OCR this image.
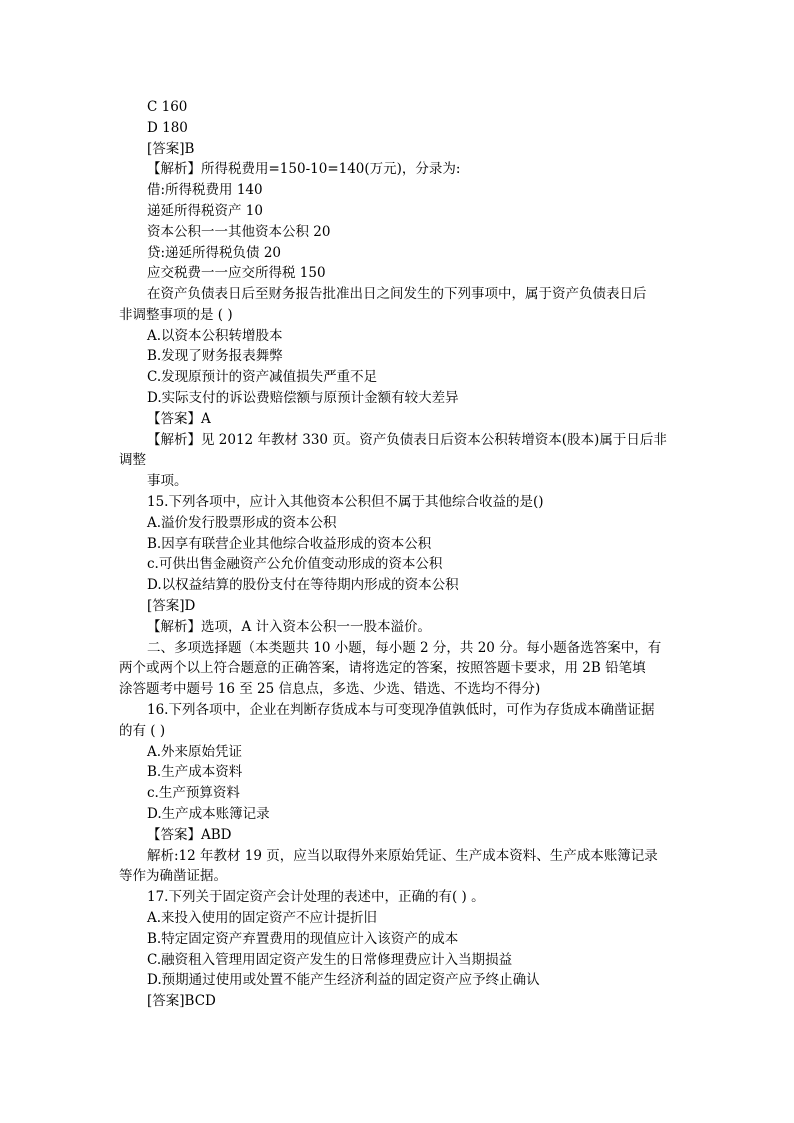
C 160
D 180
[答案]B
【解析】所得税费用=150-10=140(万元)，分录为:
借:所得税费用 140
递延所得税资产 10
资本公积一一其他资本公积 20
贷:递延所得税负债 20
应交税费一一应交所得税 150
在资产负债表日后至财务报告批准出日之间发生的下列事项中，属于资产负债表日后
非调整事项的是 ( )
A.以资本公积转增股本
B.发现了财务报表舞弊
C.发现原预计的资产减值损失严重不足
D.实际支付的诉讼费赔偿额与原预计金额有较大差异
【答案】A
【解析】见 2012 年教材 330 页。资产负债表日后资本公积转增资本(股本)属于日后非
调整
事项。
15.下列各项中，应计入其他资本公积但不属于其他综合收益的是()
A.溢价发行股票形成的资本公积
B.因享有联营企业其他综合收益形成的资本公积
c.可供出售金融资产公允价值变动形成的资本公积
D.以权益结算的股份支付在等待期内形成的资本公积
[答案]D
【解析】选项，A 计入资本公积一一股本溢价。
二、多项选择题（本类题共 10 小题，每小题 2 分，共 20 分。每小题备选答案中，有
两个或两个以上符合题意的正确答案，请将选定的答案，按照答题卡要求，用 2B 铅笔填
涂答题考中题号 16 至 25 信息点，多选、少选、错选、不选均不得分)
16.下列各项中，企业在判断存货成本与可变现净值孰低时，可作为存货成本确凿证据
的有 ( )
A.外来原始凭证
B.生产成本资料
c.生产预算资料
D.生产成本账簿记录
【答案】ABD
解析:12 年教材 19 页，应当以取得外来原始凭证、生产成本资料、生产成本账簿记录
等作为确凿证据。
17.下列关于固定资产会计处理的表述中，正确的有( ) 。
A.来投入使用的固定资产不应计提折旧
B.特定固定资产弃置费用的现值应计入该资产的成本
C.融资租入管理用固定资产发生的日常修理费应计入当期损益
D.预期通过使用或处置不能产生经济利益的固定资产应予终止确认
[答案]BCD
